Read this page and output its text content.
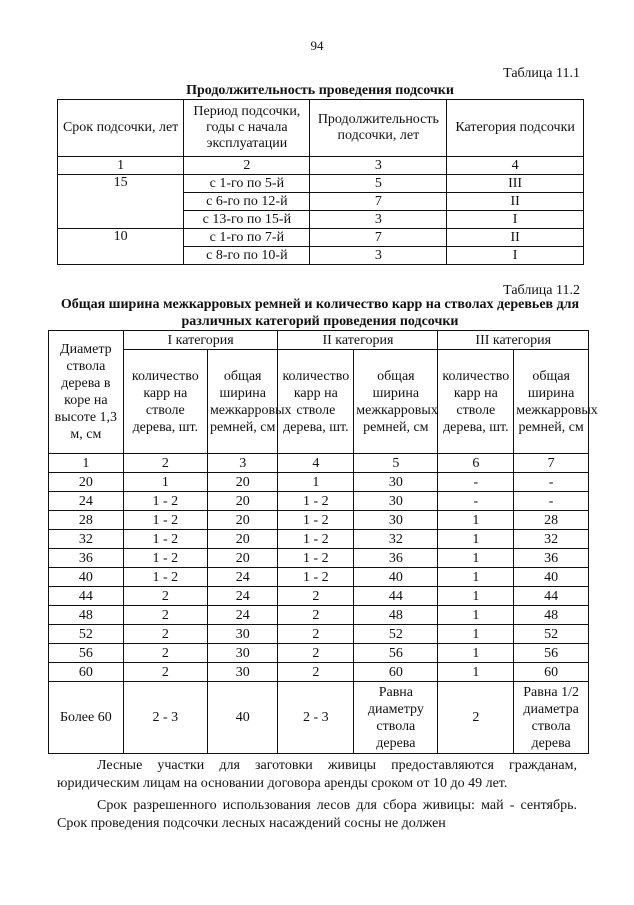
94
Таблица 11.1
Продолжительность проведения подсочки
Срок подсочки, лет	Период подсочки, годы с начала эксплуатации	Продолжительность подсочки, лет	Категория подсочки
1	2	3	4
15	с 1-го по 5-й	5	III
	с 6-го по 12-й	7	II
	с 13-го по 15-й	3	I
10	с 1-го по 7-й	7	II
	с 8-го по 10-й	3	I
Таблица 11.2
Общая ширина межкарровых ремней и количество карр на стволах деревьев для различных категорий проведения подсочки
Диаметр ствола дерева в коре на высоте 1,3 м, см	I категория		II категория		III категория	
	количество карр на стволе дерева, шт.	общая ширина межкарровых ремней, см	количество карр на стволе дерева, шт.	общая ширина межкарровых ремней, см	количество карр на стволе дерева, шт.	общая ширина межкарровых ремней, см
1	2	3	4	5	6	7
20	1	20	1	30	-	-
24	1 - 2	20	1 - 2	30	-	-
28	1 - 2	20	1 - 2	30	1	28
32	1 - 2	20	1 - 2	32	1	32
36	1 - 2	20	1 - 2	36	1	36
40	1 - 2	24	1 - 2	40	1	40
44	2	24	2	44	1	44
48	2	24	2	48	1	48
52	2	30	2	52	1	52
56	2	30	2	56	1	56
60	2	30	2	60	1	60
Более 60	2 - 3	40	2 - 3	Равна диаметру ствола дерева	2	Равна 1/2 диаметра ствола дерева
Лесные участки для заготовки живицы предоставляются гражданам, юридическим лицам на основании договора аренды сроком от 10 до 49 лет.
Срок разрешенного использования лесов для сбора живицы: май - сентябрь. Срок проведения подсочки лесных насаждений сосны не должен
